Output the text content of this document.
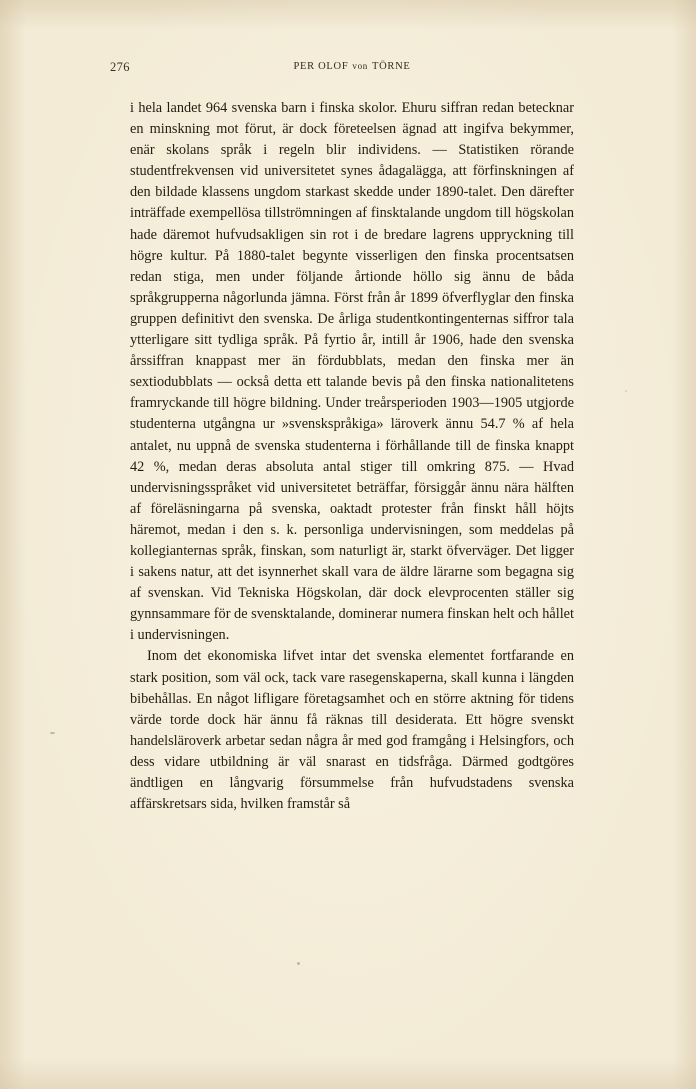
276	PER OLOF von TÖRNE

i hela landet 964 svenska barn i finska skolor. Ehuru siffran redan betecknar en minskning mot förut, är dock företeelsen ägnad att ingifva bekymmer, enär skolans språk i regeln blir individens. — Statistiken rörande studentfrekvensen vid universitetet synes ådagalägga, att förfinskningen af den bildade klassens ungdom starkast skedde under 1890-talet. Den därefter inträffade exempellösa tillströmningen af finsktalande ungdom till högskolan hade däremot hufvudsakligen sin rot i de bredare lagrens uppryckning till högre kultur. På 1880-talet begynte visserligen den finska procentsatsen redan stiga, men under följande årtionde höllo sig ännu de båda språkgrupperna någorlunda jämna. Först från år 1899 öfverflyglar den finska gruppen definitivt den svenska. De årliga studentkontingenternas siffror tala ytterligare sitt tydliga språk. På fyrtio år, intill år 1906, hade den svenska årssiffran knappast mer än fördubblats, medan den finska mer än sextiodubblats — också detta ett talande bevis på den finska nationalitetens framryckande till högre bildning. Under treårsperioden 1903—1905 utgjorde studenterna utgångna ur »svenskspråkiga» läroverk ännu 54.7 % af hela antalet, nu uppnå de svenska studenterna i förhållande till de finska knappt 42 %, medan deras absoluta antal stiger till omkring 875. — Hvad undervisningsspråket vid universitetet beträffar, försiggår ännu nära hälften af föreläsningarna på svenska, oaktadt protester från finskt håll höjts häremot, medan i den s. k. personliga undervisningen, som meddelas på kollegianternas språk, finskan, som naturligt är, starkt öfverväger. Det ligger i sakens natur, att det isynnerhet skall vara de äldre lärarne som begagna sig af svenskan. Vid Tekniska Högskolan, där dock elevprocenten ställer sig gynnsammare för de svensktalande, dominerar numera finskan helt och hållet i undervisningen.

Inom det ekonomiska lifvet intar det svenska elementet fortfarande en stark position, som väl ock, tack vare rasegenskaperna, skall kunna i längden bibehållas. En något lifligare företagsamhet och en större aktning för tidens värde torde dock här ännu få räknas till desiderata. Ett högre svenskt handelsläroverk arbetar sedan några år med god framgång i Helsingfors, och dess vidare utbildning är väl snarast en tidsfråga. Därmed godtgöres ändtligen en långvarig försummelse från hufvudstadens svenska affärskretsars sida, hvilken framstår så
